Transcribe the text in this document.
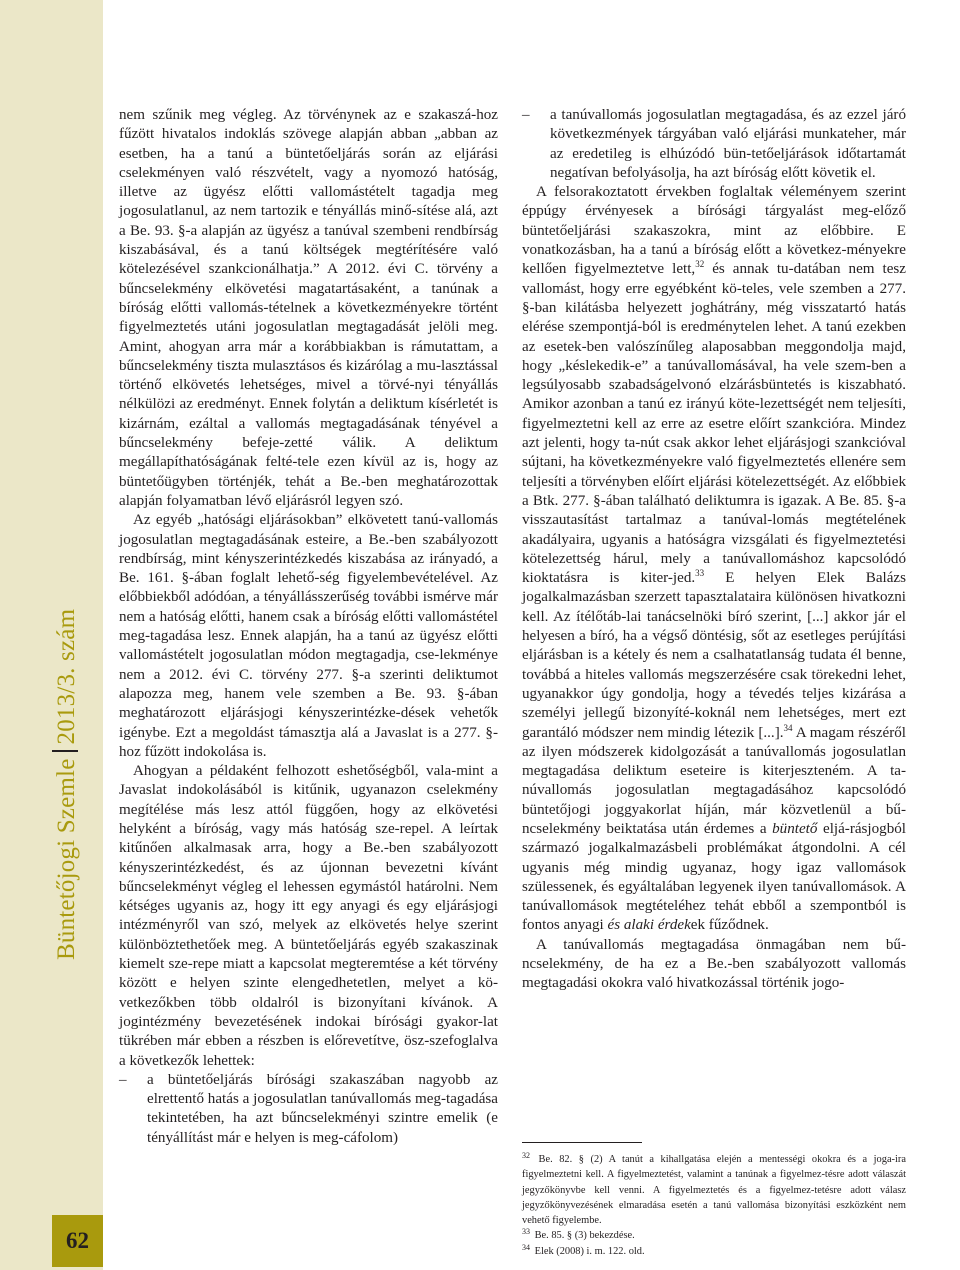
Büntetőjogi Szemle2013/3. szám
62

nem szűnik meg végleg. Az törvénynek az e szakaszá-hoz fűzött hivatalos indoklás szövege alapján abban „abban az esetben, ha a tanú a büntetőeljárás során az eljárási cselekményen való részvételt, vagy a nyomozó hatóság, illetve az ügyész előtti vallomástételt tagadja meg jogosulatlanul, az nem tartozik e tényállás minő-sítése alá, azt a Be. 93. §-a alapján az ügyész a tanúval szembeni rendbírság kiszabásával, és a tanú költségek megtérítésére való kötelezésével szankcionálhatja.” A 2012. évi C. törvény a bűncselekmény elkövetési magatartásaként, a tanúnak a bíróság előtti vallomás-tételnek a következményekre történt figyelmeztetés utáni jogosulatlan megtagadását jelöli meg. Amint, ahogyan arra már a korábbiakban is rámutattam, a bűncselekmény tiszta mulasztásos és kizárólag a mu-lasztással történő elkövetés lehetséges, mivel a törvé-nyi tényállás nélkülözi az eredményt. Ennek folytán a deliktum kísérletét is kizárnám, ezáltal a vallomás megtagadásának tényével a bűncselekmény befeje-zetté válik. A deliktum megállapíthatóságának felté-tele ezen kívül az is, hogy az büntetőügyben történjék, tehát a Be.-ben meghatározottak alapján folyamatban lévő eljárásról legyen szó.

Az egyéb „hatósági eljárásokban” elkövetett tanú-vallomás jogosulatlan megtagadásának esteire, a Be.-ben szabályozott rendbírság, mint kényszerintézkedés kiszabása az irányadó, a Be. 161. §-ában foglalt lehető-ség figyelembevételével. Az előbbiekből adódóan, a tényállásszerűség további ismérve már nem a hatóság előtti, hanem csak a bíróság előtti vallomástétel meg-tagadása lesz. Ennek alapján, ha a tanú az ügyész előtti vallomástételt jogosulatlan módon megtagadja, cse-lekménye nem a 2012. évi C. törvény 277. §-a szerinti deliktumot alapozza meg, hanem vele szemben a Be. 93. §-ában meghatározott eljárásjogi kényszerintézke-dések vehetők igénybe. Ezt a megoldást támasztja alá a Javaslat is a 277. §-hoz fűzött indokolása is.

Ahogyan a példaként felhozott eshetőségből, vala-mint a Javaslat indokolásából is kitűnik, ugyanazon cselekmény megítélése más lesz attól függően, hogy az elkövetési helyként a bíróság, vagy más hatóság sze-repel. A leírtak kitűnően alkalmasak arra, hogy a Be.-ben szabályozott kényszerintézkedést, és az újonnan bevezetni kívánt bűncselekményt végleg el lehessen egymástól határolni. Nem kétséges ugyanis az, hogy itt egy anyagi és egy eljárásjogi intézményről van szó, melyek az elkövetés helye szerint különböztethetőek meg. A büntetőeljárás egyéb szakaszinak kiemelt sze-repe miatt a kapcsolat megteremtése a két törvény között e helyen szinte elengedhetetlen, melyet a kö-vetkezőkben több oldalról is bizonyítani kívánok. A jogintézmény bevezetésének indokai bírósági gyakor-lat tükrében már ebben a részben is előrevetítve, ösz-szefoglalva a következők lehettek:

– a büntetőeljárás bírósági szakaszában nagyobb az elrettentő hatás a jogosulatlan tanúvallomás meg-tagadása tekintetében, ha azt bűncselekményi szintre emelik (e tényállítást már e helyen is meg-cáfolom)

– a tanúvallomás jogosulatlan megtagadása, és az ezzel járó következmények tárgyában való eljárási munkateher, már az eredetileg is elhúzódó bün-tetőeljárások időtartamát negatívan befolyásolja, ha azt bíróság előtt követik el.

A felsorakoztatott érvekben foglaltak véleményem szerint éppúgy érvényesek a bírósági tárgyalást meg-előző büntetőeljárási szakaszokra, mint az előbbire. E vonatkozásban, ha a tanú a bíróság előtt a következ-ményekre kellően figyelmeztetve lett,$^{32}$ és annak tu-datában nem tesz vallomást, hogy erre egyébként kö-teles, vele szemben a 277. §-ban kilátásba helyezett joghátrány, még visszatartó hatás elérése szempontjá-ból is eredménytelen lehet. A tanú ezekben az esetek-ben valószínűleg alaposabban meggondolja majd, hogy „késlekedik-e” a tanúvallomásával, ha vele szem-ben a legsúlyosabb szabadságelvonó elzárásbüntetés is kiszabható. Amikor azonban a tanú ez irányú köte-lezettségét nem teljesíti, figyelmeztetni kell az erre az esetre előírt szankcióra. Mindez azt jelenti, hogy ta-nút csak akkor lehet eljárásjogi szankcióval sújtani, ha következményekre való figyelmeztetés ellenére sem teljesíti a törvényben előírt eljárási kötelezettségét. Az előbbiek a Btk. 277. §-ában található deliktumra is igazak. A Be. 85. §-a visszautasítást tartalmaz a tanúval-lomás megtételének akadályaira, ugyanis a hatóságra vizsgálati és figyelmeztetési kötelezettség hárul, mely a tanúvallomáshoz kapcsolódó kioktatásra is kiter-jed.$^{33}$ E helyen Elek Balázs jogalkalmazásban szerzett tapasztalataira különösen hivatkozni kell. Az ítélőtáb-lai tanácselnöki bíró szerint, [...] akkor jár el helyesen a bíró, ha a végső döntésig, sőt az esetleges perújítási eljárásban is a kétely és nem a csalhatatlanság tudata él benne, továbbá a hiteles vallomás megszerzésére csak törekedni lehet, ugyanakkor úgy gondolja, hogy a tévedés teljes kizárása a személyi jellegű bizonyíté-koknál nem lehetséges, mert ezt garantáló módszer nem mindig létezik [...].$^{34}$ A magam részéről az ilyen módszerek kidolgozását a tanúvallomás jogosulatlan megtagadása deliktum eseteire is kiterjeszteném. A ta-núvallomás jogosulatlan megtagadásához kapcsolódó büntetőjogi joggyakorlat híján, már közvetlenül a bű-ncselekmény beiktatása után érdemes a büntető eljá-rásjogból származó jogalkalmazásbeli problémákat átgondolni. A cél ugyanis még mindig ugyanaz, hogy igaz vallomások szülessenek, és egyáltalában legyenek ilyen tanúvallomások. A tanúvallomások megtételéhez tehát ebből a szempontból is fontos anyagi és alaki érdekek fűződnek.

A tanúvallomás megtagadása önmagában nem bű-ncselekmény, de ha ez a Be.-ben szabályozott vallomás megtagadási okokra való hivatkozással történik jogo-

$^{32}$ Be. 82. § (2) A tanút a kihallgatása elején a mentességi okokra és a joga-ira figyelmeztetni kell. A figyelmeztetést, valamint a tanúnak a figyelmez-tésre adott válaszát jegyzőkönyvbe kell venni. A figyelmeztetés és a figyelmez-tetésre adott válasz jegyzőkönyvezésének elmaradása esetén a tanú vallomása bizonyítási eszközként nem vehető figyelembe.

$^{33}$ Be. 85. § (3) bekezdése.

$^{34}$ Elek (2008) i. m. 122. old.
